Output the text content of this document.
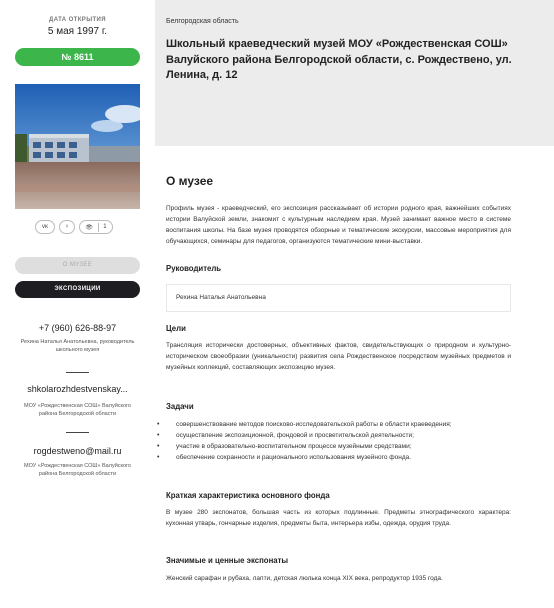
ДАТА ОТКРЫТИЯ
5 мая 1997 г.
№ 8611
ᴠᴋ	♀	👁 1
О МУЗЕЕ
ЭКСПОЗИЦИИ
+7 (960) 626-88-97
Рехина Наталья Анатольевна, руководитель школьного музея
shkolarozhdestvenskay...
МОУ «Рождественская СОШ» Валуйского района Белгородской области
rogdestweno@mail.ru
МОУ «Рождественская СОШ» Валуйского района Белгородской области
Белгородская область
Школьный краеведческий музей МОУ «Рождественская СОШ» Валуйского района Белгородской области, с. Рождествено, ул. Ленина, д. 12
О музее

Профиль музея - краеведческий, его экспозиция рассказывает об истории родного края, важнейших событиях истории Валуйской земли, знакомит с культурным наследием края. Музей занимает важное место в системе воспитания школы. На базе музея проводятся обзорные и тематические экскурсии, массовые мероприятия для обучающихся, семинары для педагогов, организуются тематические мини-выставки.

Руководитель
Рехина Наталья Анатольевна
Цели

Трансляция исторически достоверных, объективных фактов, свидетельствующих о природном и культурно-историческом своеобразии (уникальности) развития села Рождественское посредством музейных предметов и музейных коллекций, составляющих экспозицию музея.

Задачи
• совершенствование методов поисково-исследовательской работы в области краеведения;
• осуществление экспозиционной, фондовой и просветительской деятельности;
• участие в образовательно-воспитательном процессе музейными средствами;
• обеспечение сохранности и рационального использования музейного фонда.
Краткая характеристика основного фонда

В музее 280 экспонатов, большая часть из которых подлинные. Предметы этнографического характера: кухонная утварь, гончарные изделия, предметы быта, интерьера избы, одежда, орудия труда.

Значимые и ценные экспонаты

Женский сарафан и рубаха, лапти, детская люлька конца XIX века, репродуктор 1935 года.
